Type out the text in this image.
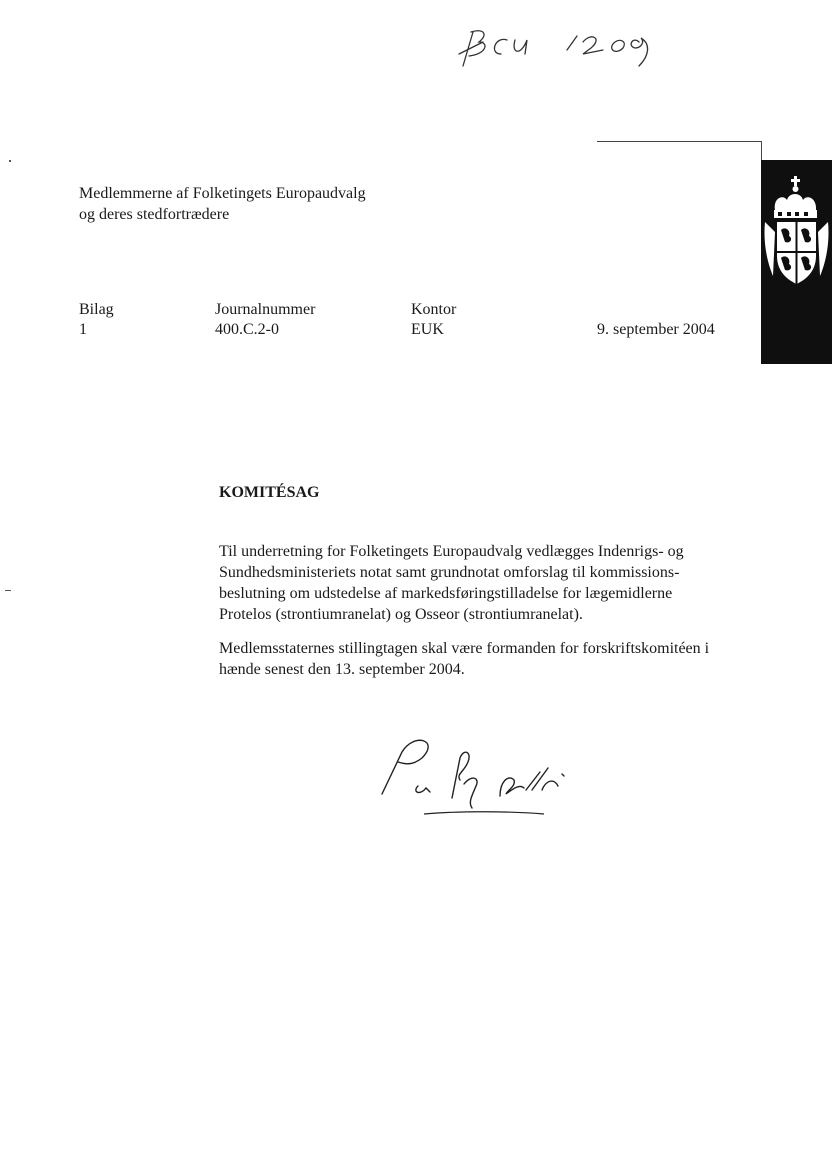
Medlemmerne af Folketingets Europaudvalg
og deres stedfortrædere
Bilag
1
Journalnummer
400.C.2-0
Kontor
EUK	9. september 2004
KOMITÉSAG

Til underretning for Folketingets Europaudvalg vedlægges Indenrigs- og
Sundhedsministeriets notat samt grundnotat omforslag til kommissions-
beslutning om udstedelse af markedsføringstilladelse for lægemidlerne
Protelos (strontiumranelat) og Osseor (strontiumranelat).

Medlemsstaternes stillingtagen skal være formanden for forskriftskomitéen i
hænde senest den 13. september 2004.
